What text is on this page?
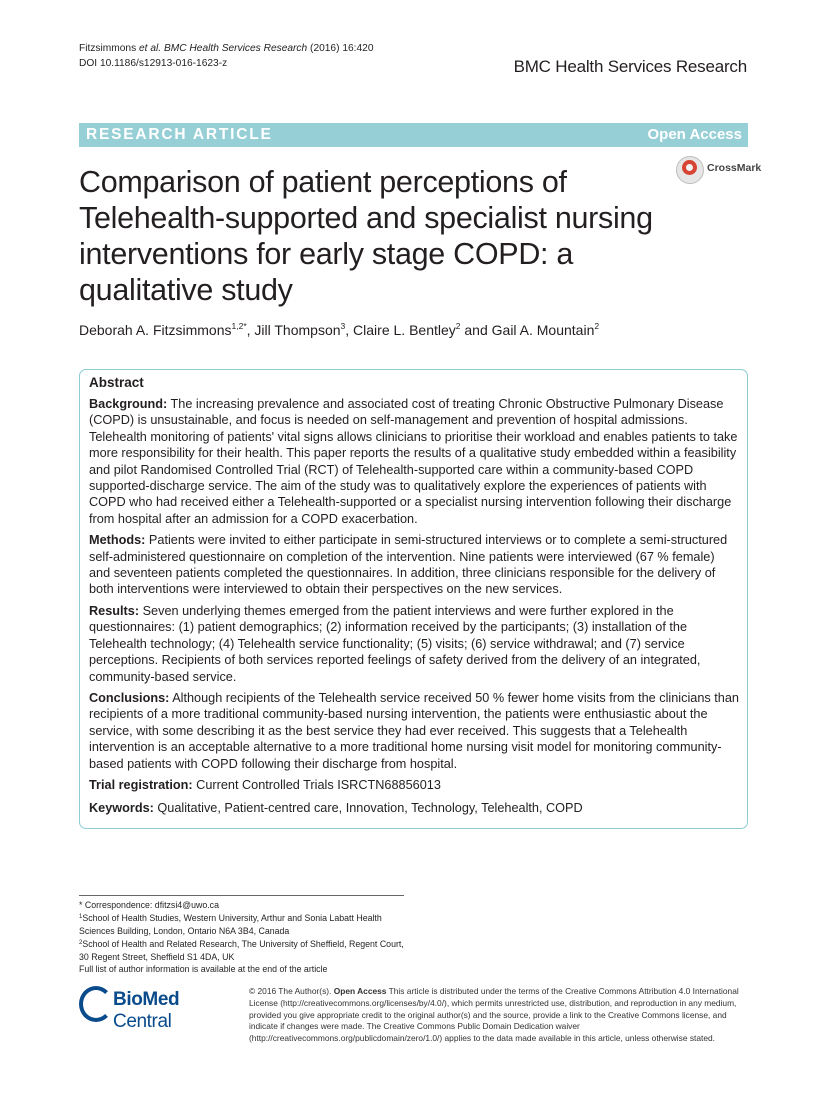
Fitzsimmons et al. BMC Health Services Research (2016) 16:420
DOI 10.1186/s12913-016-1623-z	BMC Health Services Research
RESEARCH ARTICLE	Open Access
CrossMark
Comparison of patient perceptions of Telehealth-supported and specialist nursing interventions for early stage COPD: a qualitative study
Deborah A. Fitzsimmons$^{1,2*}$, Jill Thompson$^3$, Claire L. Bentley$^2$ and Gail A. Mountain$^2$
Abstract

Background: The increasing prevalence and associated cost of treating Chronic Obstructive Pulmonary Disease (COPD) is unsustainable, and focus is needed on self-management and prevention of hospital admissions. Telehealth monitoring of patients' vital signs allows clinicians to prioritise their workload and enables patients to take more responsibility for their health. This paper reports the results of a qualitative study embedded within a feasibility and pilot Randomised Controlled Trial (RCT) of Telehealth-supported care within a community-based COPD supported-discharge service. The aim of the study was to qualitatively explore the experiences of patients with COPD who had received either a Telehealth-supported or a specialist nursing intervention following their discharge from hospital after an admission for a COPD exacerbation.

Methods: Patients were invited to either participate in semi-structured interviews or to complete a semi-structured self-administered questionnaire on completion of the intervention. Nine patients were interviewed (67 % female) and seventeen patients completed the questionnaires. In addition, three clinicians responsible for the delivery of both interventions were interviewed to obtain their perspectives on the new services.

Results: Seven underlying themes emerged from the patient interviews and were further explored in the questionnaires: (1) patient demographics; (2) information received by the participants; (3) installation of the Telehealth technology; (4) Telehealth service functionality; (5) visits; (6) service withdrawal; and (7) service perceptions. Recipients of both services reported feelings of safety derived from the delivery of an integrated, community-based service.

Conclusions: Although recipients of the Telehealth service received 50 % fewer home visits from the clinicians than recipients of a more traditional community-based nursing intervention, the patients were enthusiastic about the service, with some describing it as the best service they had ever received. This suggests that a Telehealth intervention is an acceptable alternative to a more traditional home nursing visit model for monitoring community-based patients with COPD following their discharge from hospital.

Trial registration: Current Controlled Trials ISRCTN68856013

Keywords: Qualitative, Patient-centred care, Innovation, Technology, Telehealth, COPD
* Correspondence: dfitzsi4@uwo.ca
$^1$School of Health Studies, Western University, Arthur and Sonia Labatt Health Sciences Building, London, Ontario N6A 3B4, Canada
$^2$School of Health and Related Research, The University of Sheffield, Regent Court, 30 Regent Street, Sheffield S1 4DA, UK
Full list of author information is available at the end of the article
BioMed Central
© 2016 The Author(s). Open Access This article is distributed under the terms of the Creative Commons Attribution 4.0 International License (http://creativecommons.org/licenses/by/4.0/), which permits unrestricted use, distribution, and reproduction in any medium, provided you give appropriate credit to the original author(s) and the source, provide a link to the Creative Commons license, and indicate if changes were made. The Creative Commons Public Domain Dedication waiver (http://creativecommons.org/publicdomain/zero/1.0/) applies to the data made available in this article, unless otherwise stated.
